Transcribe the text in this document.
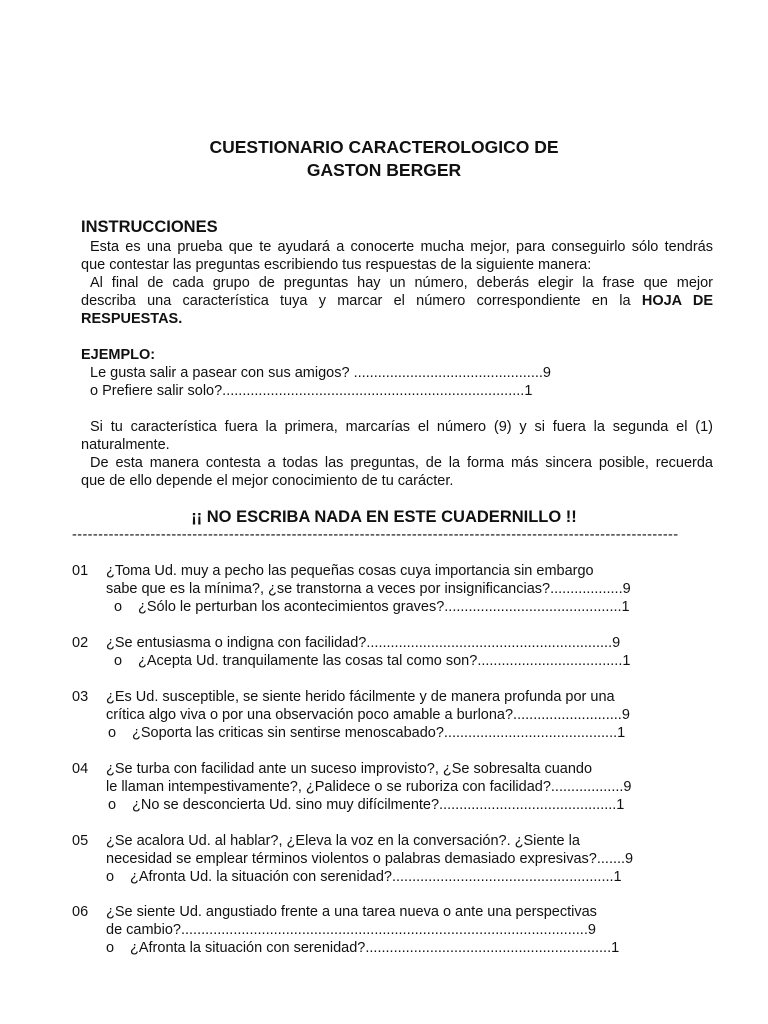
CUESTIONARIO CARACTEROLOGICO DE
GASTON BERGER
INSTRUCCIONES
Esta es una prueba que te ayudará a conocerte mucha mejor, para conseguirlo sólo tendrás
que contestar las preguntas escribiendo tus respuestas de la siguiente manera:
Al final de cada grupo de preguntas hay un número, deberás elegir la frase que mejor
describa una característica tuya y marcar el número correspondiente en la HOJA DE
RESPUESTAS.
EJEMPLO:
Le gusta salir a pasear con sus amigos? ...............................................9
o Prefiere salir solo?...........................................................................1
Si tu característica fuera la primera, marcarías el número (9) y si fuera la segunda el (1)
naturalmente.
De esta manera contesta a todas las preguntas, de la forma más sincera posible, recuerda
que de ello depende el mejor conocimiento de tu carácter.
¡¡ NO ESCRIBA NADA EN ESTE CUADERNILLO !!
--------------------------------------------------------------------------------------------------------------------
01 ¿Toma Ud. muy a pecho las pequeñas cosas cuya importancia sin embargo
sabe que es la mínima?, ¿se transtorna a veces por insignificancias?..................9
o ¿Sólo le perturban los acontecimientos graves?............................................1
02 ¿Se entusiasma o indigna con facilidad?.............................................................9
o ¿Acepta Ud. tranquilamente las cosas tal como son?....................................1
03 ¿Es Ud. susceptible, se siente herido fácilmente y de manera profunda por una
crítica algo viva o por una observación poco amable a burlona?...........................9
o ¿Soporta las criticas sin sentirse menoscabado?...........................................1
04 ¿Se turba con facilidad ante un suceso improvisto?, ¿Se sobresalta cuando
le llaman intempestivamente?, ¿Palidece o se ruboriza con facilidad?..................9
o ¿No se desconcierta Ud. sino muy difícilmente?............................................1
05 ¿Se acalora Ud. al hablar?, ¿Eleva la voz en la conversación?. ¿Siente la
necesidad se emplear términos violentos o palabras demasiado expresivas?.......9
o ¿Afronta Ud. la situación con serenidad?.......................................................1
06 ¿Se siente Ud. angustiado frente a una tarea nueva o ante una perspectivas
de cambio?.....................................................................................................9
o ¿Afronta la situación con serenidad?.............................................................1
